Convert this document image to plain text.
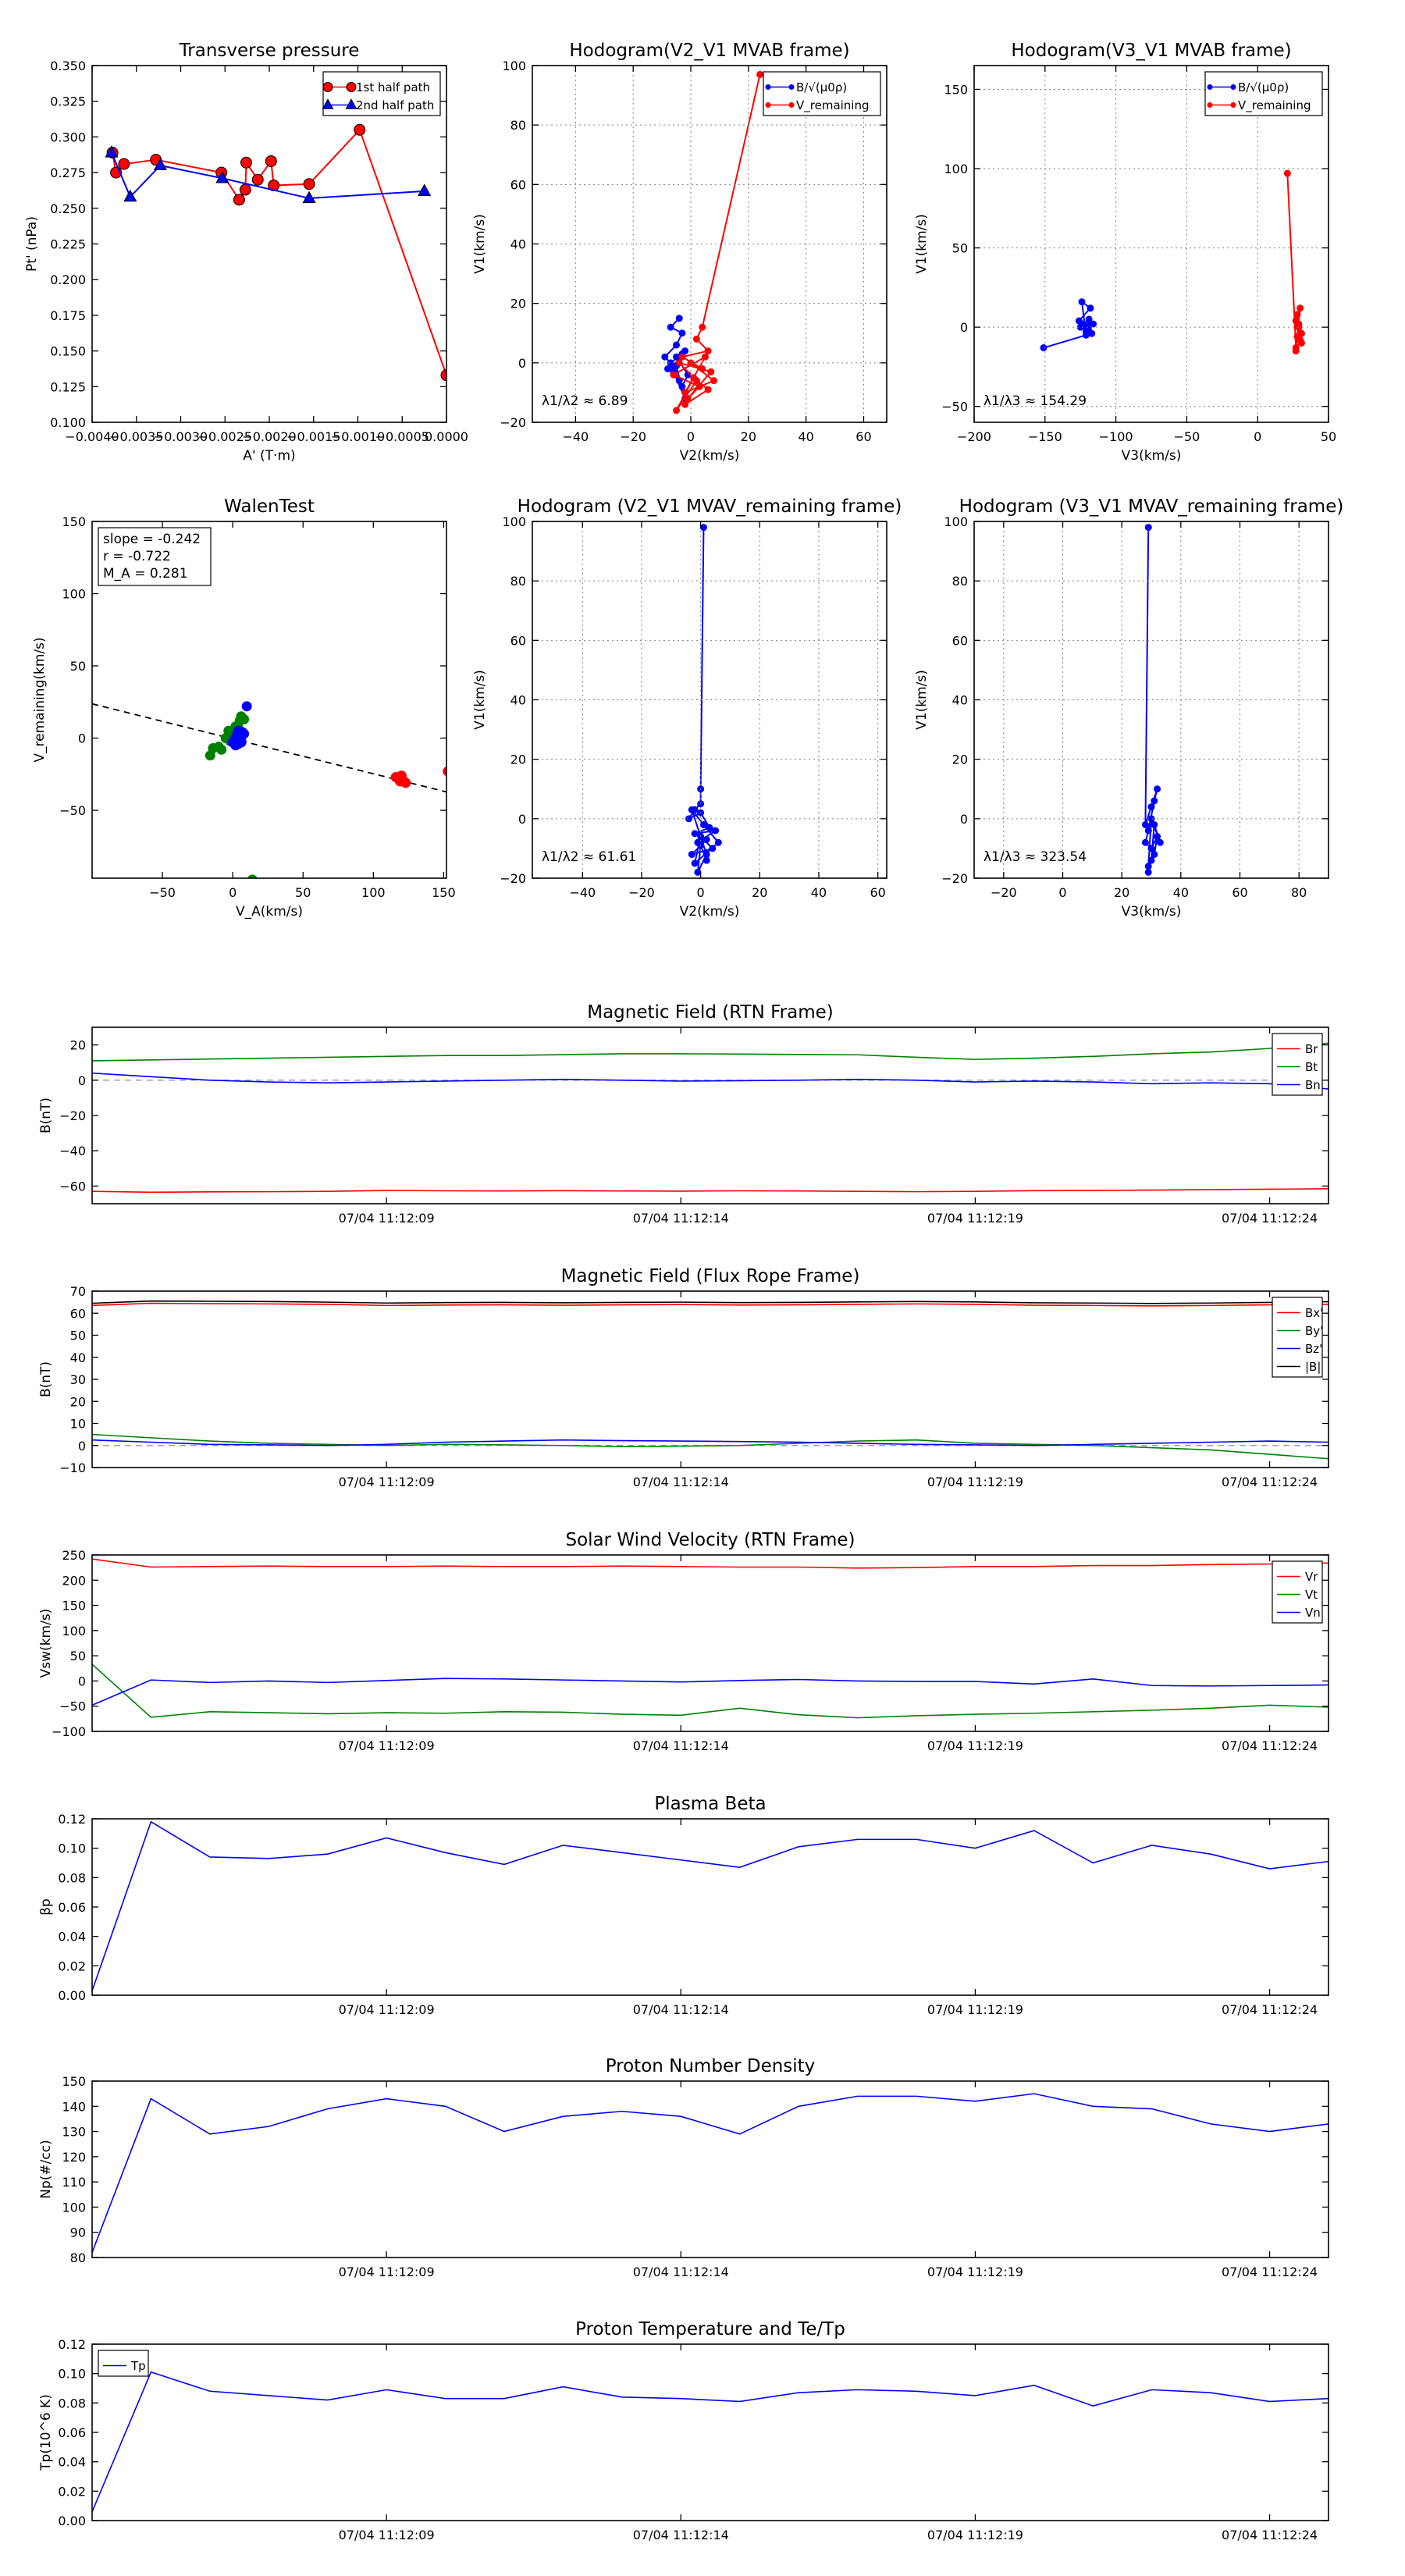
−0.0040
−0.0035
−0.0030
−0.0025
−0.0020
−0.0015
−0.0010
−0.0005
0.0000
0.100
0.125
0.150
0.175
0.200
0.225
0.250
0.275
0.300
0.325
0.350
Transverse pressure
A' (T·m)
Pt' (nPa)
1st half path
2nd half path
−40	−20	0	20	40	60
−20
0
20
40
60
80
100
Hodogram(V2_V1 MVAB frame)
V2(km/s)
V1(km/s)
λ1/λ2 ≈ 6.89
B/√(μ0ρ)
V_remaining
−200	−150	−100	−50	0	50
−50
0
50
100
150
Hodogram(V3_V1 MVAB frame)
V3(km/s)
V1(km/s)
λ1/λ3 ≈ 154.29
B/√(μ0ρ)
V_remaining
−50	0	50	100	150
−50
0
50
100
150
WalenTest
V_A(km/s)
V_remaining(km/s)
slope = -0.242
r = -0.722
M_A = 0.281
−40	−20	0	20	40	60
−20
0
20
40
60
80
100
Hodogram (V2_V1 MVAV_remaining frame)
V2(km/s)
V1(km/s)
λ1/λ2 ≈ 61.61
−20	0	20	40	60	80
−20
0
20
40
60
80
100
Hodogram (V3_V1 MVAV_remaining frame)
V3(km/s)
V1(km/s)
λ1/λ3 ≈ 323.54
07/04 11:12:09	07/04 11:12:14	07/04 11:12:19	07/04 11:12:24
−60
−40
−20
0
20
Magnetic Field (RTN Frame)
B(nT)
Br
Bt
Bn
07/04 11:12:09	07/04 11:12:14	07/04 11:12:19	07/04 11:12:24
−10
0
10
20
30
40
50
60
70
Magnetic Field (Flux Rope Frame)
B(nT)
Bx'
By'
Bz'
|B|
07/04 11:12:09	07/04 11:12:14	07/04 11:12:19	07/04 11:12:24
−100
−50
0
50
100
150
200
250
Solar Wind Velocity (RTN Frame)
Vsw(km/s)
Vr
Vt
Vn
07/04 11:12:09	07/04 11:12:14	07/04 11:12:19	07/04 11:12:24
0.00
0.02
0.04
0.06
0.08
0.10
0.12
Plasma Beta
βp
07/04 11:12:09	07/04 11:12:14	07/04 11:12:19	07/04 11:12:24
80
90
100
110
120
130
140
150
Proton Number Density
Np(#/cc)
07/04 11:12:09	07/04 11:12:14	07/04 11:12:19	07/04 11:12:24
0.00
0.02
0.04
0.06
0.08
0.10
0.12
Proton Temperature and Te/Tp
Tp(10^6 K)
Tp
